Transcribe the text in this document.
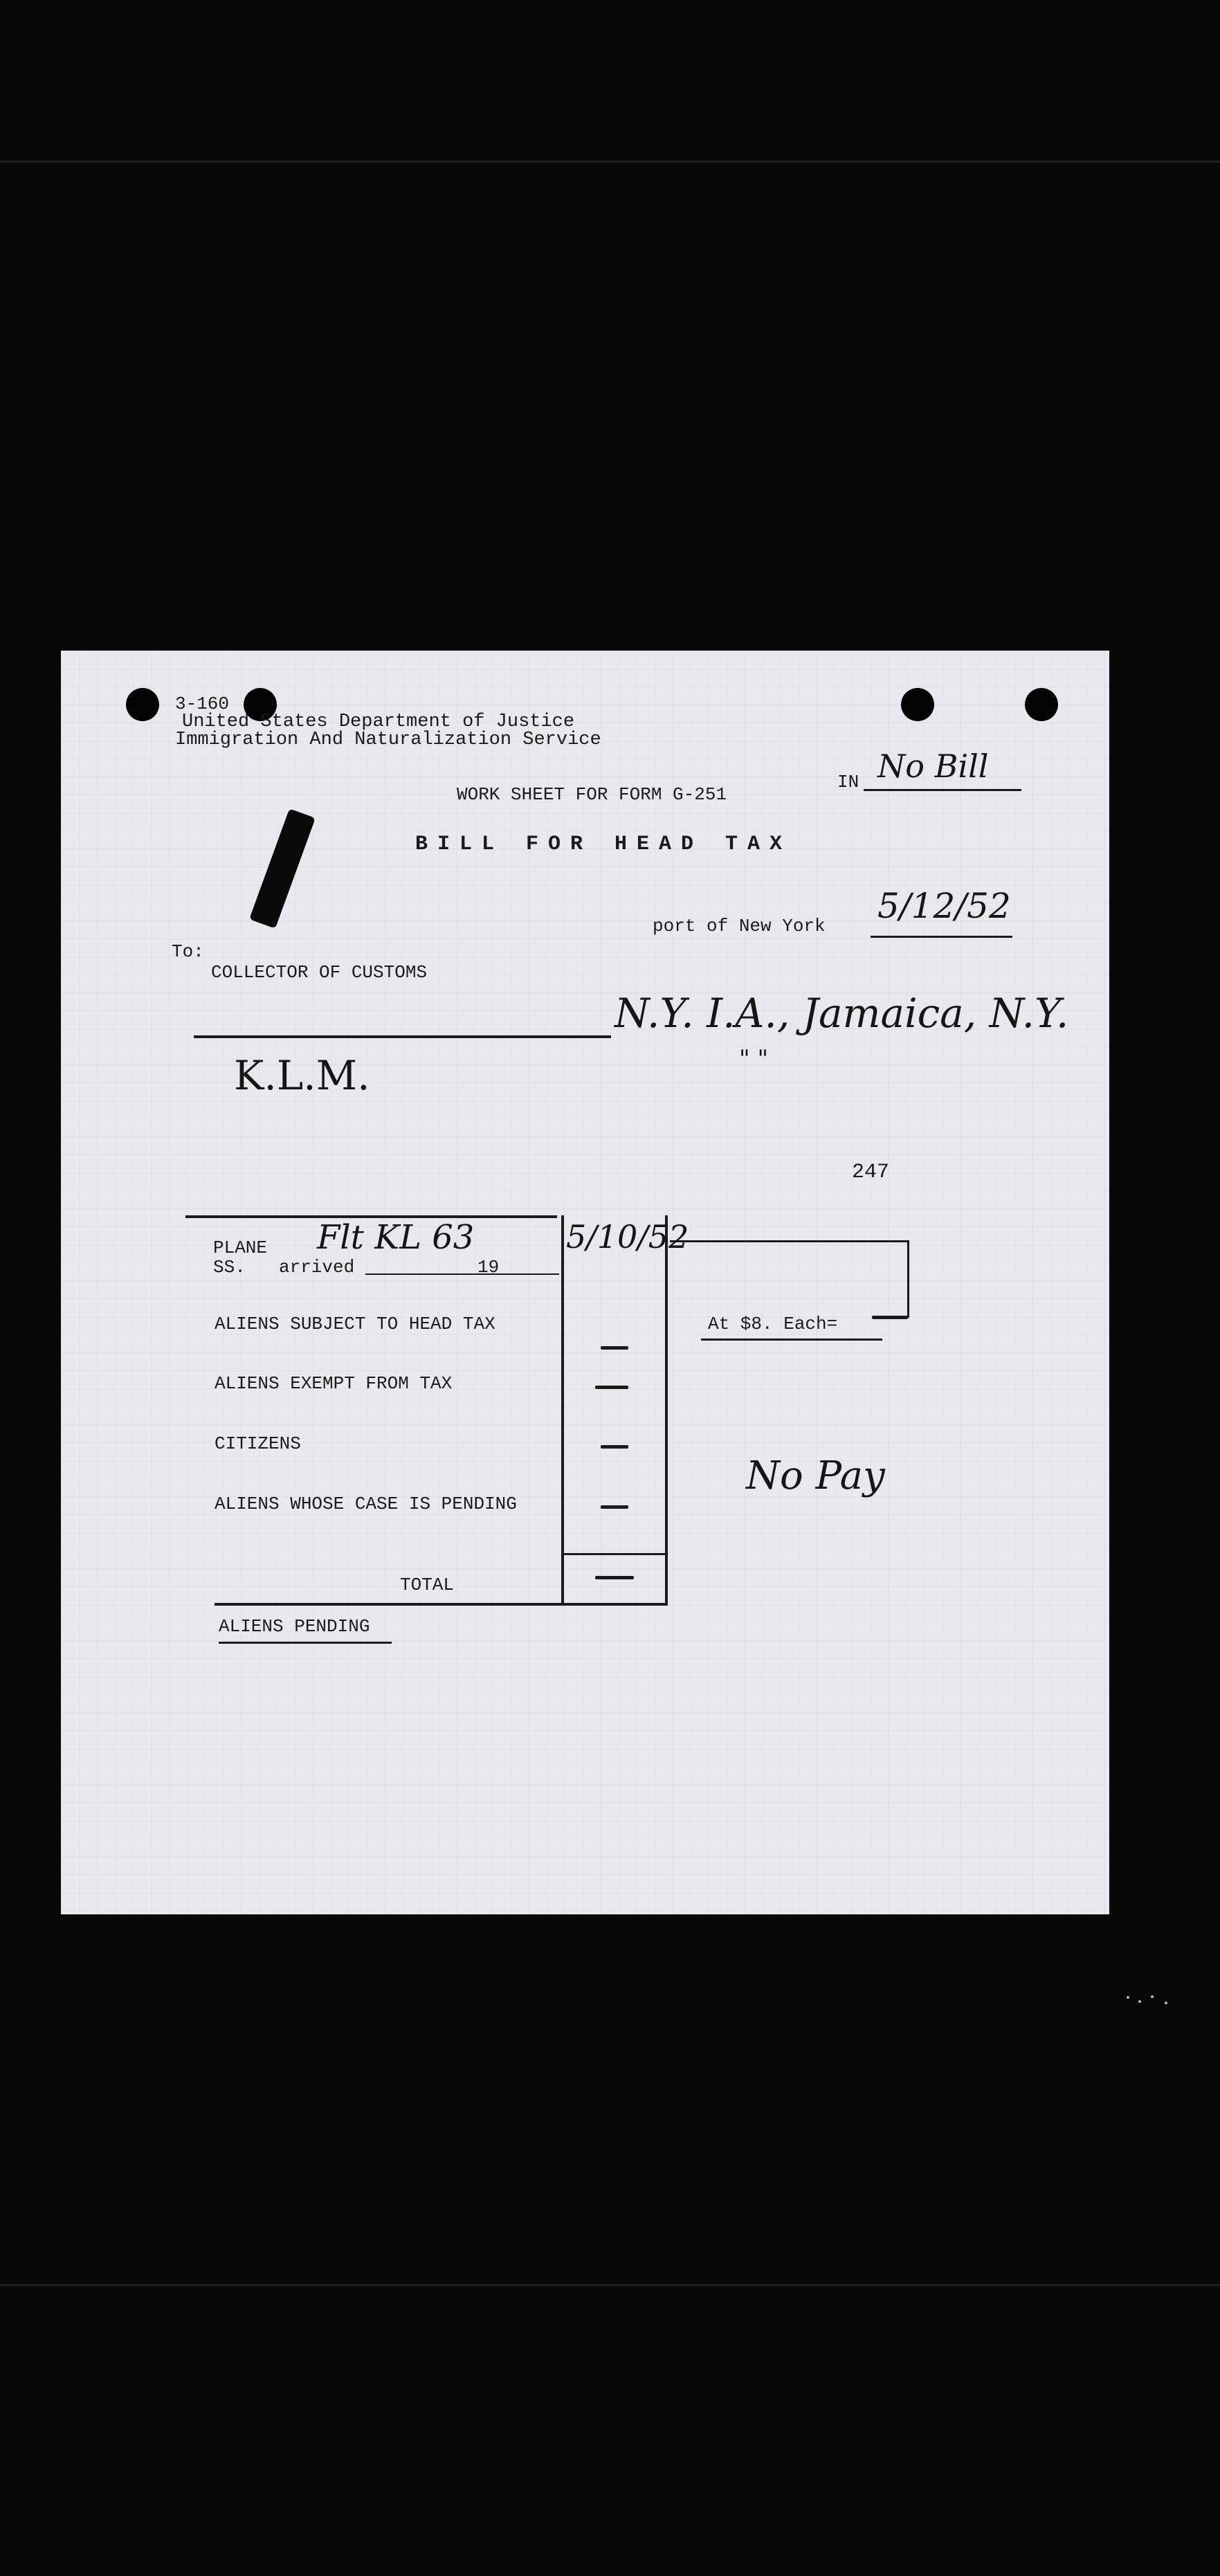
3-160
United States Department of Justice
Immigration And Naturalization Service
WORK SHEET FOR FORM G-251
IN No Bill
BILL FOR HEAD TAX
port of New York 5/12/52
To:
COLLECTOR OF CUSTOMS
N.Y. I.A., Jamaica, N.Y.
" "
K.L.M.
247
PLANE Flt KL 63	5/10/52
SS. arrived	19
ALIENS SUBJECT TO HEAD TAX	At $8. Each=
ALIENS EXEMPT FROM TAX
CITIZENS
ALIENS WHOSE CASE IS PENDING
TOTAL
No Pay
ALIENS PENDING
